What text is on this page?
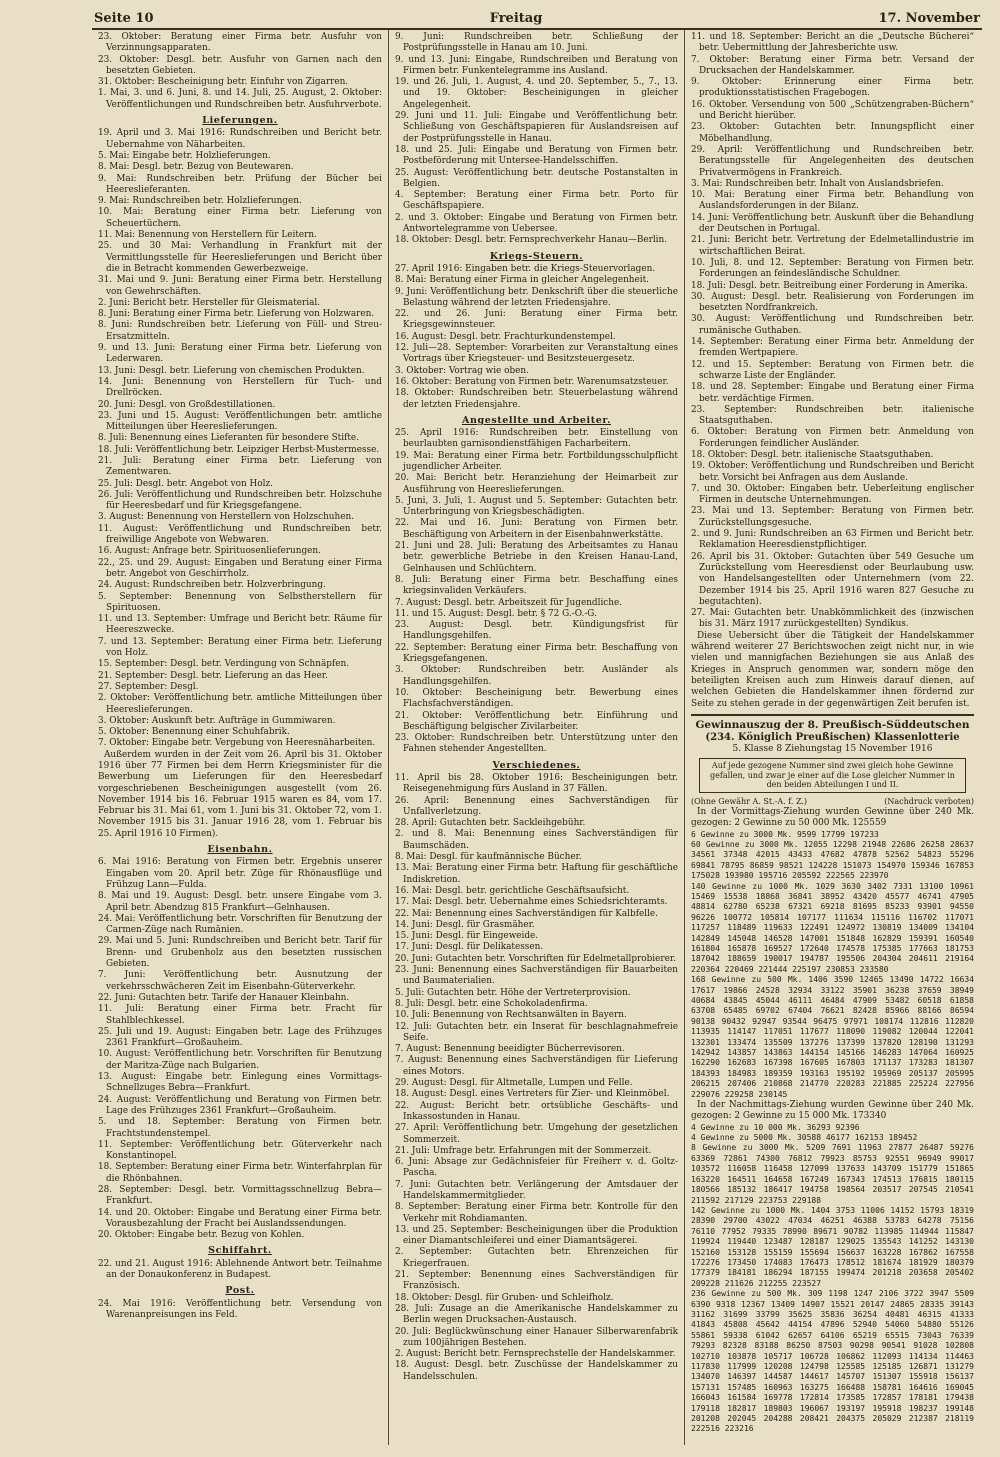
Seite 10	Freitag	17. November

23. Oktober: Beratung einer Firma betr. Ausfuhr von Verzinnungsapparaten.

23. Oktober: Desgl. betr. Ausfuhr von Garnen nach den besetzten Gebieten.

31. Oktober: Bescheinigung betr. Einfuhr von Zigarren.

1. Mai, 3. und 6. Juni, 8. und 14. Juli, 25. August, 2. Oktober: Veröffentlichungen und Rundschreiben betr. Ausfuhrverbote.

Lieferungen.

19. April und 3. Mai 1916: Rundschreiben und Bericht betr. Uebernahme von Näharbeiten.

5. Mai: Eingabe betr. Holzlieferungen.

8. Mai: Desgl. betr. Bezug von Beutewaren.

9. Mai: Rundschreiben betr. Prüfung der Bücher bei Heereslieferanten.

9. Mai: Rundschreiben betr. Holzlieferungen.

10. Mai: Beratung einer Firma betr. Lieferung von Scheuertüchern.

11. Mai: Benennung von Herstellern für Leitern.

25. und 30 Mai: Verhandlung in Frankfurt mit der Vermittlungsstelle für Heereslieferungen und Bericht über die in Betracht kommenden Gewerbezweige.

31. Mai und 9. Juni: Beratung einer Firma betr. Herstellung von Gewehrschäften.

2. Juni: Bericht betr. Hersteller für Gleismaterial.

8. Juni: Beratung einer Firma betr. Lieferung von Holzwaren.

8. Juni: Rundschreiben betr. Lieferung von Füll- und Streu-Ersatzmitteln.

9. und 13. Juni: Beratung einer Firma betr. Lieferung von Lederwaren.

13. Juni: Desgl. betr. Lieferung von chemischen Produkten.

14. Juni: Benennung von Herstellern für Tuch- und Drellröcken.

20. Juni: Desgl. von Großdestillationen.

23. Juni und 15. August: Veröffentlichungen betr. amtliche Mitteilungen über Heereslieferungen.

8. Juli: Benennung eines Lieferanten für besondere Stifte.

18. Juli: Veröffentlichung betr. Leipziger Herbst-Mustermesse.

21. Juli: Beratung einer Firma betr. Lieferung von Zementwaren.

25. Juli: Desgl. betr. Angebot von Holz.

26. Juli: Veröffentlichung und Rundschreiben betr. Holzschuhe für Heeresbedarf und für Kriegsgefangene.

3. August: Benennung von Herstellern von Holzschuhen.

11. August: Veröffentlichung und Rundschreiben betr. freiwillige Angebote von Webwaren.

16. August: Anfrage betr. Spirituosenlieferungen.

22., 25. und 29. August: Eingaben und Beratung einer Firma betr. Angebot von Geschirrholz.

24. August: Rundschreiben betr. Holzverbringung.

5. September: Benennung von Selbstherstellern für Spirituosen.

11. und 13. September: Umfrage und Bericht betr. Räume für Heereszwecke.

7. und 13. September: Beratung einer Firma betr. Lieferung von Holz.

15. September: Desgl. betr. Verdingung von Schnäpfen.

21. September: Desgl. betr. Lieferung an das Heer.

27. September: Desgl.

2. Oktober: Veröffentlichung betr. amtliche Mitteilungen über Heereslieferungen.

3. Oktober: Auskunft betr. Aufträge in Gummiwaren.

5. Oktober: Benennung einer Schuhfabrik.

7. Oktober: Eingabe betr. Vergebung von Heeresnäharbeiten.

Außerdem wurden in der Zeit vom 26. April bis 31. Oktober 1916 über 77 Firmen bei dem Herrn Kriegsminister für die Bewerbung um Lieferungen für den Heeresbedarf vorgeschriebenen Bescheinigungen ausgestellt (vom 26. November 1914 bis 16. Februar 1915 waren es 84, vom 17. Februar bis 31. Mai 61, vom 1. Juni bis 31. Oktober 72, vom 1. November 1915 bis 31. Januar 1916 28, vom 1. Februar bis 25. April 1916 10 Firmen).

Eisenbahn.

6. Mai 1916: Beratung von Firmen betr. Ergebnis unserer Eingaben vom 20. April betr. Züge für Rhönausflüge und Frühzug Lann—Fulda.

8. Mai und 19. August: Desgl. betr. unsere Eingabe vom 3. April betr. Abendzug 815 Frankfurt—Gelnhausen.

24. Mai: Veröffentlichung betr. Vorschriften für Benutzung der Carmen-Züge nach Rumänien.

29. Mai und 5. Juni: Rundschreiben und Bericht betr. Tarif für Brenn- und Grubenholz aus den besetzten russischen Gebieten.

7. Juni: Veröffentlichung betr. Ausnutzung der verkehrsschwächeren Zeit im Eisenbahn-Güterverkehr.

22. Juni: Gutachten betr. Tarife der Hanauer Kleinbahn.

11. Juli: Beratung einer Firma betr. Fracht für Stahlblechkessel.

25. Juli und 19. August: Eingaben betr. Lage des Frühzuges 2361 Frankfurt—Großauheim.

10. August: Veröffentlichung betr. Vorschriften für Benutzung der Maritza-Züge nach Bulgarien.

13. August: Eingabe betr. Einlegung eines Vormittags-Schnellzuges Bebra—Frankfurt.

24. August: Veröffentlichung und Beratung von Firmen betr. Lage des Frühzuges 2361 Frankfurt—Großauheim.

5. und 18. September: Beratung von Firmen betr. Frachtstundenstempel.

11. September: Veröffentlichung betr. Güterverkehr nach Konstantinopel.

18. September: Beratung einer Firma betr. Winterfahrplan für die Rhönbahnen.

28. September: Desgl. betr. Vormittagsschnellzug Bebra—Frankfurt.

14. und 20. Oktober: Eingabe und Beratung einer Firma betr. Vorausbezahlung der Fracht bei Auslandssendungen.

20. Oktober: Eingabe betr. Bezug von Kohlen.

Schiffahrt.

22. und 21. August 1916: Ablehnende Antwort betr. Teilnahme an der Donaukonferenz in Budapest.

Post.

24. Mai 1916: Veröffentlichung betr. Versendung von Warenanpreisungen ins Feld.

9. Juni: Rundschreiben betr. Schließung der Postprüfungsstelle in Hanau am 10. Juni.

9. und 13. Juni: Eingabe, Rundschreiben und Beratung von Firmen betr. Funkentelegramme ins Ausland.

19. und 26. Juli, 1. August, 4. und 20. September, 5., 7., 13. und 19. Oktober: Bescheinigungen in gleicher Angelegenheit.

29. Juni und 11. Juli: Eingabe und Veröffentlichung betr. Schließung von Geschäftspapieren für Auslandsreisen auf der Postprüfungsstelle in Hanau.

18. und 25. Juli: Eingabe und Beratung von Firmen betr. Postbeförderung mit Untersee-Handelsschiffen.

25. August: Veröffentlichung betr. deutsche Postanstalten in Belgien.

4. September: Beratung einer Firma betr. Porto für Geschäftspapiere.

2. und 3. Oktober: Eingabe und Beratung von Firmen betr. Antwortelegramme von Uebersee.

18. Oktober: Desgl. betr. Fernsprechverkehr Hanau—Berlin.

Kriegs-Steuern.

27. April 1916: Eingaben betr. die Kriegs-Steuervorlagen.

8. Mai: Beratung einer Firma in gleicher Angelegenheit.

9. Juni: Veröffentlichung betr. Denkschrift über die steuerliche Belastung während der letzten Friedensjahre.

22. und 26. Juni: Beratung einer Firma betr. Kriegsgewinnsteuer.

16. August: Desgl. betr. Frachturkundenstempel.

12. Juli—28. September: Vorarbeiten zur Veranstaltung eines Vortrags über Kriegsteuer- und Besitzsteuergesetz.

3. Oktober: Vortrag wie oben.

16. Oktober: Beratung von Firmen betr. Warenumsatzsteuer.

18. Oktober: Rundschreiben betr. Steuerbelastung während der letzten Friedensjahre.

Angestellte und Arbeiter.

25. April 1916: Rundschreiben betr. Einstellung von beurlaubten garnisondienstfähigen Facharbeitern.

19. Mai: Beratung einer Firma betr. Fortbildungsschulpflicht jugendlicher Arbeiter.

20. Mai: Bericht betr. Heranziehung der Heimarbeit zur Ausführung von Heereslieferungen.

5. Juni, 3. Juli, 1. August und 5. September: Gutachten betr. Unterbringung von Kriegsbeschädigten.

22. Mai und 16. Juni: Beratung von Firmen betr. Beschäftigung von Arbeitern in der Eisenbahnwerkstätte.

21. Juni und 28. Juli: Beratung des Arbeitsamtes zu Hanau betr. gewerbliche Betriebe in den Kreisen Hanau-Land, Gelnhausen und Schlüchtern.

8. Juli: Beratung einer Firma betr. Beschaffung eines kriegsinvaliden Verkäufers.

7. August: Desgl. betr. Arbeitszeit für Jugendliche.

11. und 15. August: Desgl. betr. § 72 G.-O.-G.

23. August: Desgl. betr. Kündigungsfrist für Handlungsgehilfen.

22. September: Beratung einer Firma betr. Beschaffung von Kriegsgefangenen.

3. Oktober: Rundschreiben betr. Ausländer als Handlungsgehilfen.

10. Oktober: Bescheinigung betr. Bewerbung eines Flachsfachverständigen.

21. Oktober: Veröffentlichung betr. Einführung und Beschäftigung belgischer Zivilarbeiter.

23. Oktober: Rundschreiben betr. Unterstützung unter den Fahnen stehender Angestellten.

Verschiedenes.

11. April bis 28. Oktober 1916: Bescheinigungen betr. Reisegenehmigung fürs Ausland in 37 Fällen.

26. April: Benennung eines Sachverständigen für Unfallverletzung.

28. April: Gutachten betr. Sackleihgebühr.

2. und 8. Mai: Benennung eines Sachverständigen für Baumschäden.

8. Mai: Desgl. für kaufmännische Bücher.

13. Mai: Beratung einer Firma betr. Haftung für geschäftliche Indiskretion.

16. Mai: Desgl. betr. gerichtliche Geschäftsaufsicht.

17. Mai: Desgl. betr. Uebernahme eines Schiedsrichteramts.

22. Mai: Benennung eines Sachverständigen für Kalbfelle.

14. Juni: Desgl. für Grasmäher.

15. Juni: Desgl. für Eingeweide.

17. Juni: Desgl. für Delikatessen.

20. Juni: Gutachten betr. Vorschriften für Edelmetallprobierer.

23. Juni: Benennung eines Sachverständigen für Bauarbeiten und Baumaterialien.

5. Juli: Gutachten betr. Höhe der Vertreterprovision.

8. Juli: Desgl. betr. eine Schokoladenfirma.

10. Juli: Benennung von Rechtsanwälten in Bayern.

12. Juli: Gutachten betr. ein Inserat für beschlagnahmefreie Seife.

7. August: Benennung beeidigter Bücherrevisoren.

7. August: Benennung eines Sachverständigen für Lieferung eines Motors.

29. August: Desgl. für Altmetalle, Lumpen und Felle.

18. August: Desgl. eines Vertreters für Zier- und Kleinmöbel.

22. August: Bericht betr. ortsübliche Geschäfts- und Inkassostunden in Hanau.

27. April: Veröffentlichung betr. Umgehung der gesetzlichen Sommerzeit.

21. Juli: Umfrage betr. Erfahrungen mit der Sommerzeit.

6. Juni: Absage zur Gedächnisfeier für Freiherr v. d. Goltz-Pascha.

7. Juni: Gutachten betr. Verlängerung der Amtsdauer der Handelskammermitglieder.

8. September: Beratung einer Firma betr. Kontrolle für den Verkehr mit Rohdiamanten.

13. und 25. September: Bescheinigungen über die Produktion einer Diamantschleiferei und einer Diamantsägerei.

2. September: Gutachten betr. Ehrenzeichen für Kriegerfrauen.

21. September: Benennung eines Sachverständigen für Französisch.

18. Oktober: Desgl. für Gruben- und Schleifholz.

28. Juli: Zusage an die Amerikanische Handelskammer zu Berlin wegen Drucksachen-Austausch.

20. Juli: Beglückwünschung einer Hanauer Silberwarenfabrik zum 100jährigen Bestehen.

2. August: Bericht betr. Fernsprechstelle der Handelskammer.

18. August: Desgl. betr. Zuschüsse der Handelskammer zu Handelsschulen.

11. und 18. September: Bericht an die „Deutsche Bücherei“ betr. Uebermittlung der Jahresberichte usw.

7. Oktober: Beratung einer Firma betr. Versand der Drucksachen der Handelskammer.

9. Oktober: Erinnerung einer Firma betr. produktionsstatistischen Fragebogen.

16. Oktober. Versendung von 500 „Schützengraben-Büchern“ und Bericht hierüber.

23. Oktober: Gutachten betr. Innungspflicht einer Möbelhandlung.

29. April: Veröffentlichung und Rundschreiben betr. Beratungsstelle für Angelegenheiten des deutschen Privatvermögens in Frankreich.

3. Mai: Rundschreiben betr. Inhalt von Auslandsbriefen.

10. Mai: Beratung einer Firma betr. Behandlung von Auslandsforderungen in der Bilanz.

14. Juni: Veröffentlichung betr. Auskunft über die Behandlung der Deutschen in Portugal.

21. Juni: Bericht betr. Vertretung der Edelmetallindustrie im wirtschaftlichen Beirat.

10. Juli, 8. und 12. September: Beratung von Firmen betr. Forderungen an feindesländische Schuldner.

18. Juli: Desgl. betr. Beitreibung einer Forderung in Amerika.

30. August: Desgl. betr. Realisierung von Forderungen im besetzten Nordfrankreich.

30. August: Veröffentlichung und Rundschreiben betr. rumänische Guthaben.

14. September: Beratung einer Firma betr. Anmeldung der fremden Wertpapiere.

12. und 15. September: Beratung von Firmen betr. die schwarze Liste der Engländer.

18. und 28. September: Eingabe und Beratung einer Firma betr. verdächtige Firmen.

23. September: Rundschreiben betr. italienische Staatsguthaben.

6. Oktober: Beratung von Firmen betr. Anmeldung von Forderungen feindlicher Ausländer.

18. Oktober: Desgl. betr. italienische Staatsguthaben.

19. Oktober: Veröffentlichung und Rundschreiben und Bericht betr. Vorsicht bei Anfragen aus dem Auslande.

7. und 30. Oktober: Eingaben betr. Ueberleitung englischer Firmen in deutsche Unternehmungen.

23. Mai und 13. September: Beratung von Firmen betr. Zurückstellungsgesuche.

2. und 9. Juni: Rundschreiben an 63 Firmen und Bericht betr. Reklamation Heeresdienstpflichtiger.

26. April bis 31. Oktober: Gutachten über 549 Gesuche um Zurückstellung vom Heeresdienst oder Beurlaubung usw. von Handelsangestellten oder Unternehmern (vom 22. Dezember 1914 bis 25. April 1916 waren 827 Gesuche zu begutachten).

27. Mai: Gutachten betr. Unabkömmlichkeit des (inzwischen bis 31. März 1917 zurückgestellten) Syndikus.

Diese Uebersicht über die Tätigkeit der Handelskammer während weiterer 27 Berichtswochen zeigt nicht nur, in wie vielen und mannigfachen Beziehungen sie aus Anlaß des Krieges in Anspruch genommen war, sondern möge den beteiligten Kreisen auch zum Hinweis darauf dienen, auf welchen Gebieten die Handelskammer ihnen fördernd zur Seite zu stehen gerade in der gegenwärtigen Zeit berufen ist.

Gewinnauszug der 8. Preußisch-Süddeutschen
(234. Königlich Preußischen) Klassenlotterie
5. Klasse 8 Ziehungstag 15 November 1916
Auf jede gezogene Nummer sind zwei gleich hohe Gewinne gefallen, und zwar je einer auf die Lose gleicher Nummer in den beiden Abteilungen I und II.
(Ohne Gewähr A. St.-A. f. Z.)	(Nachdruck verboten)

In der Vormittags-Ziehung wurden Gewinne über 240 Mk. gezogen: 2 Gewinne zu 50 000 Mk. 125559

6 Gewinne zu 3000 Mk. 9599 17799 197233

60 Gewinne zu 3000 Mk. 12055 12298 21948 22686 26258 28637 34561 37348 42015 43433 47682 47878 52562 54823 55296 69841 78795 86859 98521 124228 151073 154970 159346 167853 175028 193980 195716 205592 222565 223970

140 Gewinne zu 1000 Mk. 1029 3630 3402 7331 13100 10961 15469 15538 18868 36841 38952 43420 45577 46741 47905 48814 62780 65238 67321 69218 81695 85233 93901 94550 96226 100772 105814 107177 111634 115116 116702 117071 117257 118489 119633 122491 124972 130819 134009 134104 142849 145048 146528 147001 151848 162829 159391 160540 161804 165878 169527 172640 174578 175385 177663 181753 187042 188659 190017 194787 195506 204304 204611 219164 220364 220469 221444 225197 230853 233580

168 Gewinne zu 500 Mk. 1406 3590 12465 13490 14722 16634 17617 19866 24528 32934 33122 35901 36238 37659 38949 40684 43845 45044 46111 46484 47909 53482 60518 61858 63708 65485 69702 67404 76621 82428 85966 88166 86594 90138 90432 92947 93544 96475 97971 108174 112816 112820 113935 114147 117051 117677 118090 119082 120044 122041 132301 133474 135509 137276 137399 137820 128190 131293 142942 143857 143863 144154 145166 146283 147064 160925 162290 162683 167398 167605 167803 171137 173283 181307 184393 184983 189359 193163 195192 195969 205137 205995 206215 207406 210868 214770 220283 221885 225224 227956 229076 229258 230145

In der Nachmittags-Ziehung wurden Gewinne über 240 Mk. gezogen: 2 Gewinne zu 15 000 Mk. 173340

4 Gewinne zu 10 000 Mk. 36293 92396

4 Gewinne zu 5000 Mk. 30588 46177 162153 189452

8 Gewinne zu 3000 Mk. 5209 7691 11963 27877 26487 59276 63369 72861 74300 76812 79923 85753 92551 96949 99017 103572 116058 116458 127099 137633 143709 151779 151865 163220 164511 164658 167249 167343 174513 176815 180115 180566 185132 186417 194758 198564 203517 207545 210541 211592 217129 223753 229188

142 Gewinne zu 1000 Mk. 1404 3753 11006 14152 15793 18319 28390 29700 43022 47034 46251 46388 53783 64278 75156 76110 77952 79335 78990 89671 90782 113985 114944 115847 119924 119440 123487 128187 129025 135543 141252 143130 152160 153128 155159 155694 156637 163228 167862 167558 172276 173450 174083 176473 178512 181674 181929 180379 177379 184181 186294 187155 199474 201218 203658 205402 209228 211626 212255 223527

236 Gewinne zu 500 Mk. 309 1198 1247 2106 3722 3947 5509 6390 9318 12367 13409 14907 15521 20147 24865 28335 39143 31162 31699 33799 35625 35836 36254 40481 46315 41333 41843 45808 45642 44154 47896 52940 54060 54880 55126 55861 59338 61042 62657 64106 65219 65515 73043 76339 79293 82328 83188 86250 87503 90298 90541 91028 102808 102710 103878 105717 106728 106862 112093 114134 114463 117830 117999 120208 124798 125585 125185 126871 131279 134070 146397 144587 144617 145707 151307 155918 156137 157131 157485 160963 163275 166488 158781 164616 169045 166043 161584 169778 172814 173585 172857 178181 179438 179118 182817 189803 196067 193197 195918 198237 199148 201208 202045 204288 208421 204375 205029 212387 218119 222516 223216
